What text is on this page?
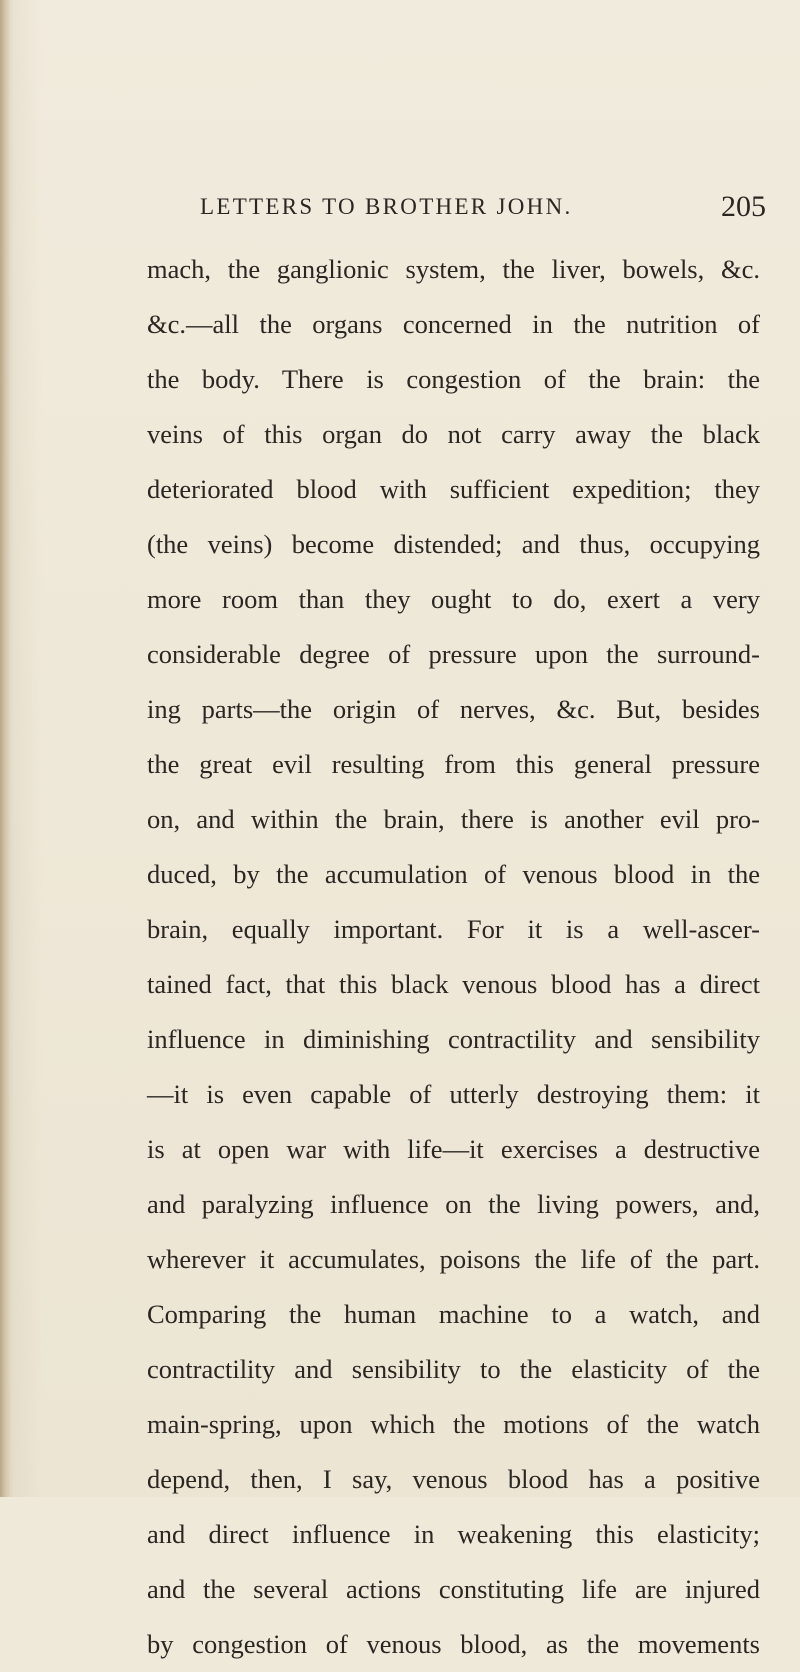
LETTERS TO BROTHER JOHN.	205
mach, the ganglionic system, the liver, bowels, &c.
&c.—all the organs concerned in the nutrition of
the body. There is congestion of the brain: the
veins of this organ do not carry away the black
deteriorated blood with sufficient expedition; they
(the veins) become distended; and thus, occupying
more room than they ought to do, exert a very
considerable degree of pressure upon the surround-
ing parts—the origin of nerves, &c. But, besides
the great evil resulting from this general pressure
on, and within the brain, there is another evil pro-
duced, by the accumulation of venous blood in the
brain, equally important. For it is a well-ascer-
tained fact, that this black venous blood has a direct
influence in diminishing contractility and sensibility
—it is even capable of utterly destroying them: it
is at open war with life—it exercises a destructive
and paralyzing influence on the living powers, and,
wherever it accumulates, poisons the life of the part.
Comparing the human machine to a watch, and
contractility and sensibility to the elasticity of the
main-spring, upon which the motions of the watch
depend, then, I say, venous blood has a positive
and direct influence in weakening this elasticity;
and the several actions constituting life are injured
by congestion of venous blood, as the movements
